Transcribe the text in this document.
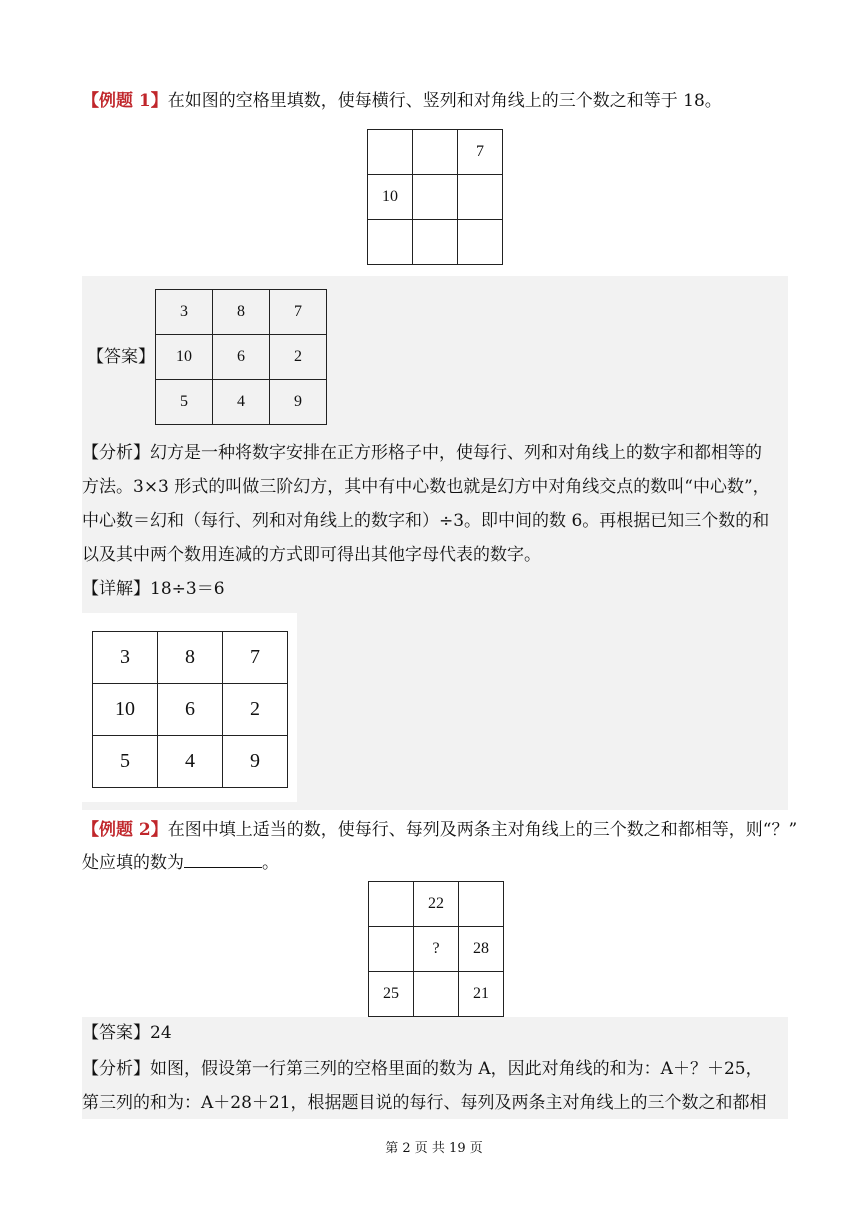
【例题 1】在如图的空格里填数，使每横行、竖列和对角线上的三个数之和等于 18。
		7
10		

【答案】
3	8	7
10	6	2
5	4	9
【分析】幻方是一种将数字安排在正方形格子中，使每行、列和对角线上的数字和都相等的
方法。3×3 形式的叫做三阶幻方，其中有中心数也就是幻方中对角线交点的数叫“中心数”，
中心数＝幻和（每行、列和对角线上的数字和）÷3。即中间的数 6。再根据已知三个数的和
以及其中两个数用连减的方式即可得出其他字母代表的数字。
【详解】18÷3＝6
3	8	7
10	6	2
5	4	9
【例题 2】在图中填上适当的数，使每行、每列及两条主对角线上的三个数之和都相等，则“？”
处应填的数为	。
	22	
	?	28
25		21
【答案】24
【分析】如图，假设第一行第三列的空格里面的数为 A，因此对角线的和为：A＋？＋25，
第三列的和为：A＋28＋21，根据题目说的每行、每列及两条主对角线上的三个数之和都相
第 2 页 共 19 页
